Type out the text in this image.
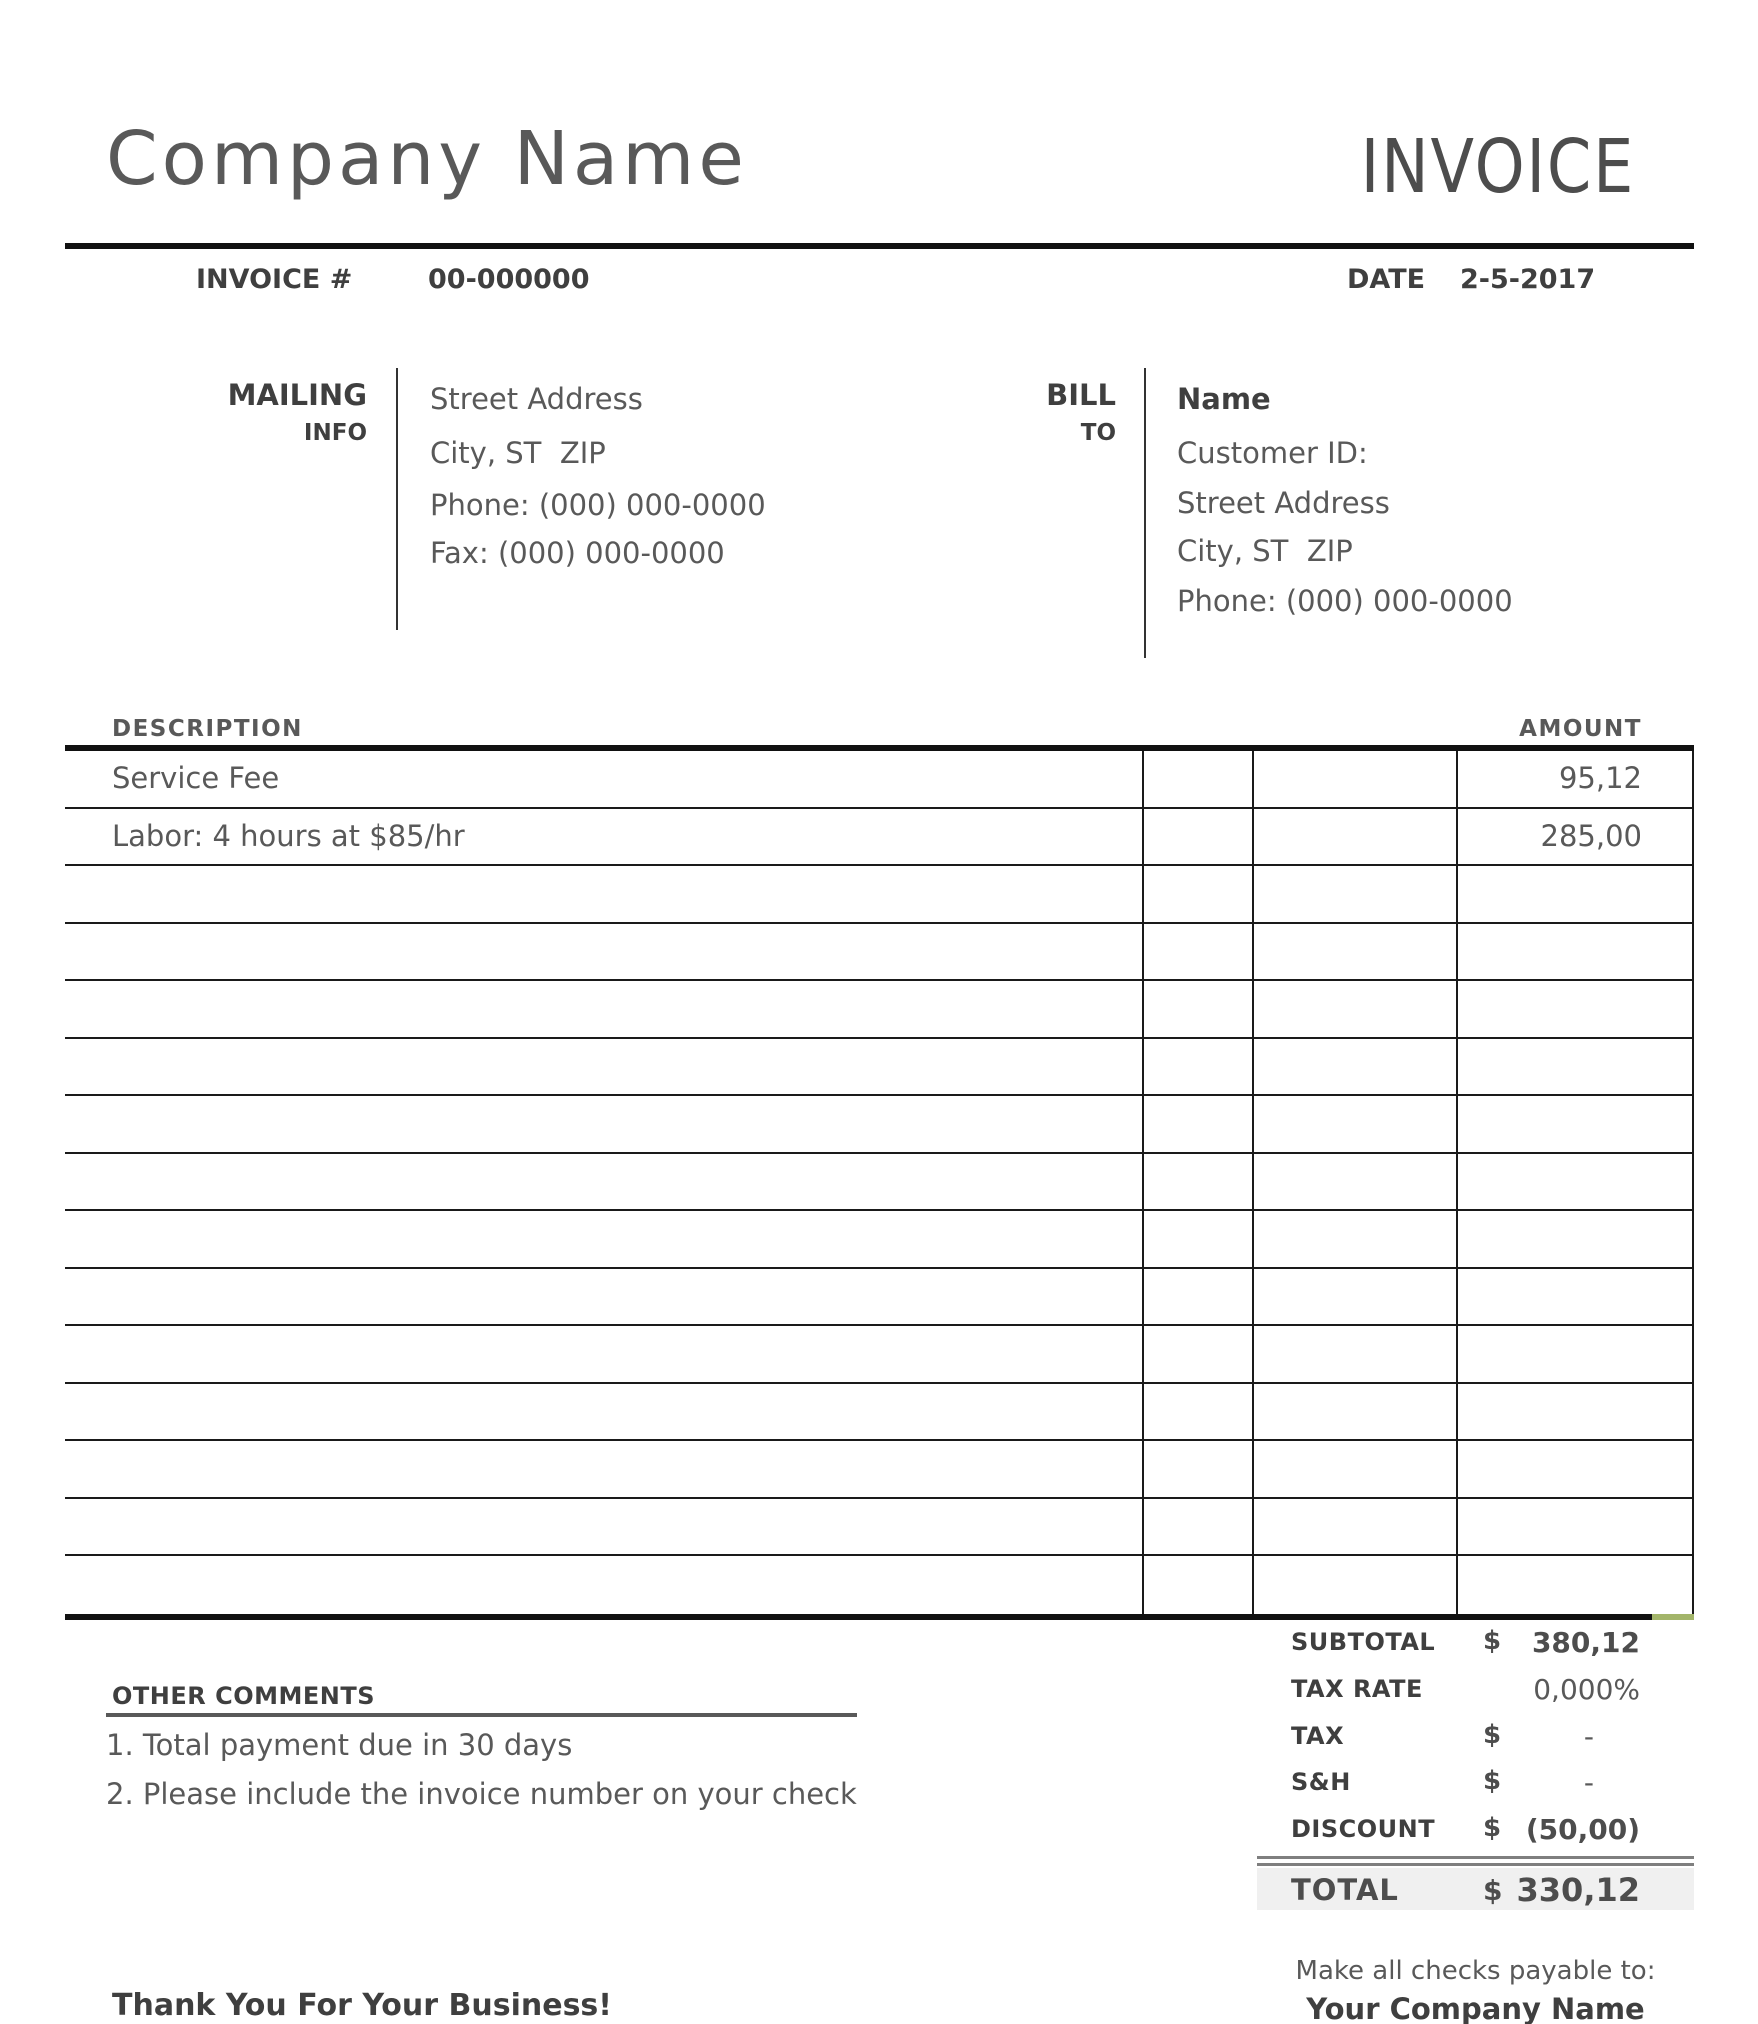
Company Name	INVOICE
INVOICE #	00-000000	DATE 2-5-2017
MAILING
INFO
Street Address
City, ST  ZIP
Phone: (000) 000-0000
Fax: (000) 000-0000
BILL
TO
Name
Customer ID:
Street Address
City, ST  ZIP
Phone: (000) 000-0000
DESCRIPTION	AMOUNT
Service Fee	95,12
Labor: 4 hours at $85/hr	285,00
SUBTOTAL $	380,12
TAX RATE	0,000%
TAX	$	-
S&H	$	-
DISCOUNT $ (50,00)
TOTAL	$ 330,12
OTHER COMMENTS
1. Total payment due in 30 days
2. Please include the invoice number on your check
Make all checks payable to:
Your Company Name
Thank You For Your Business!
